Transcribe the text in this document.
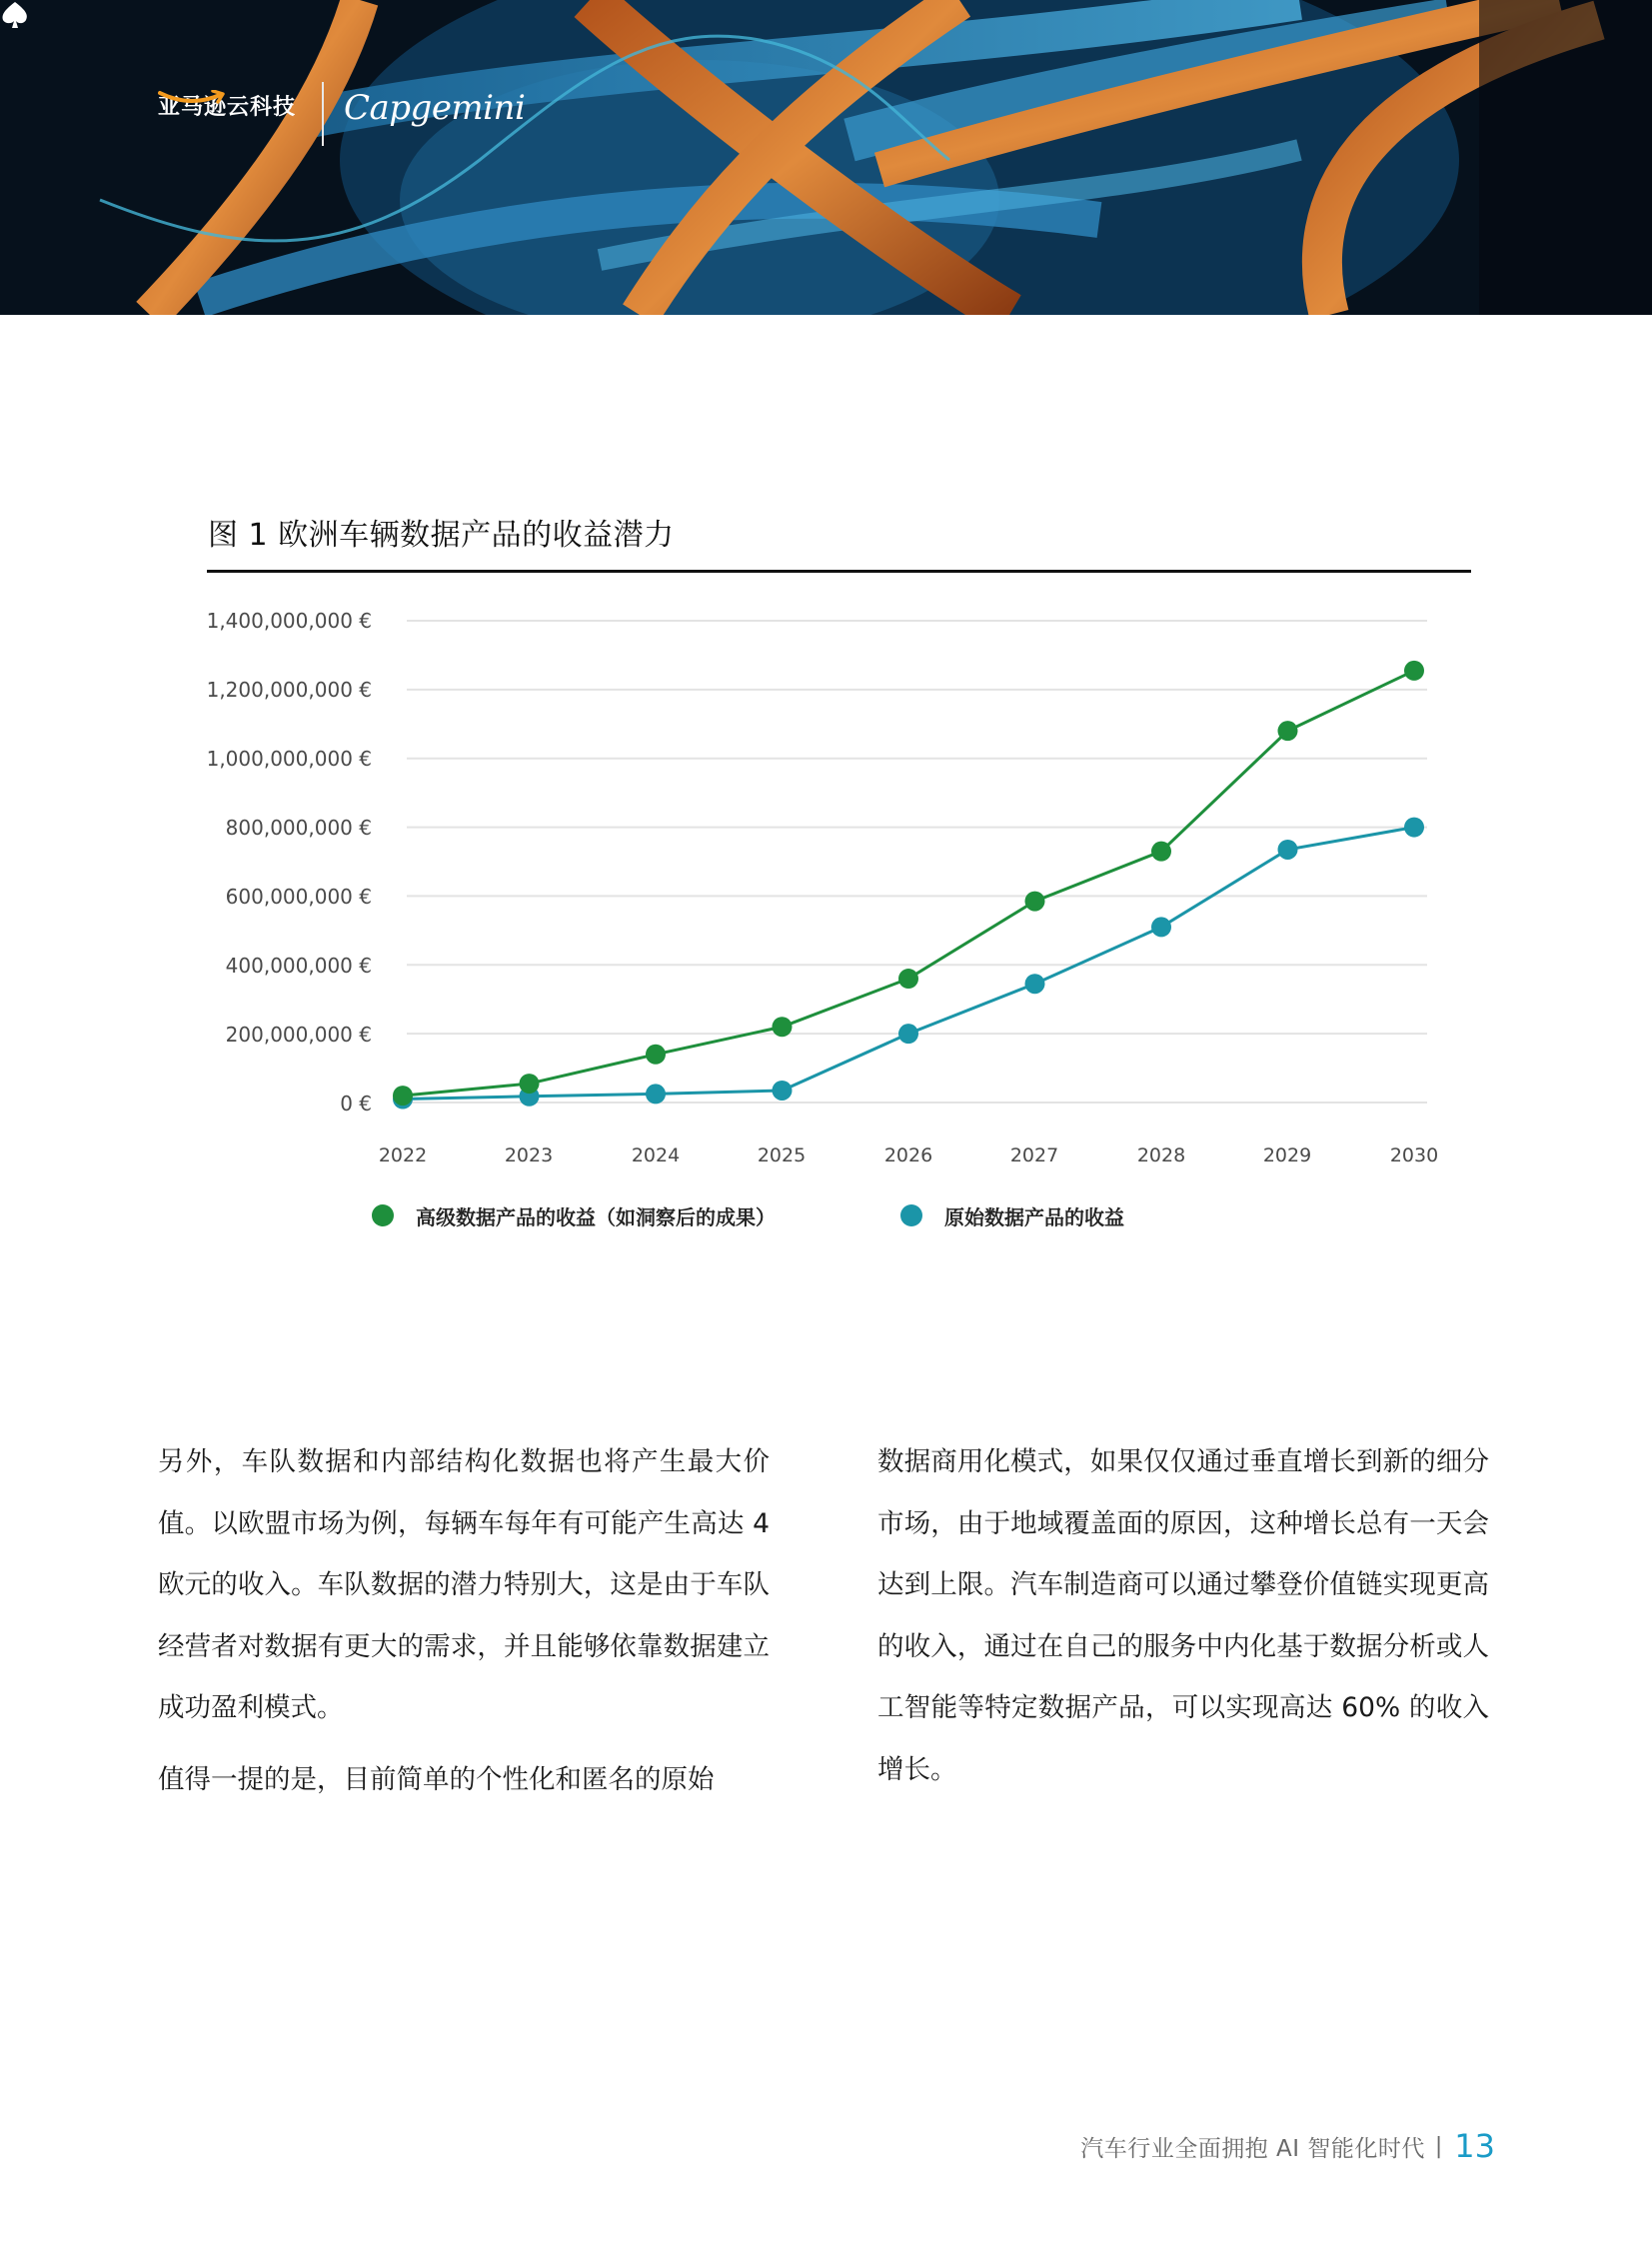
亚马逊云科技	Capgemini
图 1 欧洲车辆数据产品的收益潜力
0 €
200,000,000 €
400,000,000 €
600,000,000 €
800,000,000 €
1,000,000,000 €
1,200,000,000 €
1,400,000,000 €
2022	2023	2024	2025	2026	2027	2028	2029	2030
高级数据产品的收益（如洞察后的成果）	原始数据产品的收益

另外，车队数据和内部结构化数据也将产生最大价值。以欧盟市场为例，每辆车每年有可能产生高达 4 欧元的收入。车队数据的潜力特别大，这是由于车队经营者对数据有更大的需求，并且能够依靠数据建立成功盈利模式。

值得一提的是，目前简单的个性化和匿名的原始

数据商用化模式，如果仅仅通过垂直增长到新的细分市场，由于地域覆盖面的原因，这种增长总有一天会达到上限。汽车制造商可以通过攀登价值链实现更高的收入，通过在自己的服务中内化基于数据分析或人工智能等特定数据产品，可以实现高达 60% 的收入增长。

汽车行业全面拥抱 AI 智能化时代 | 13
